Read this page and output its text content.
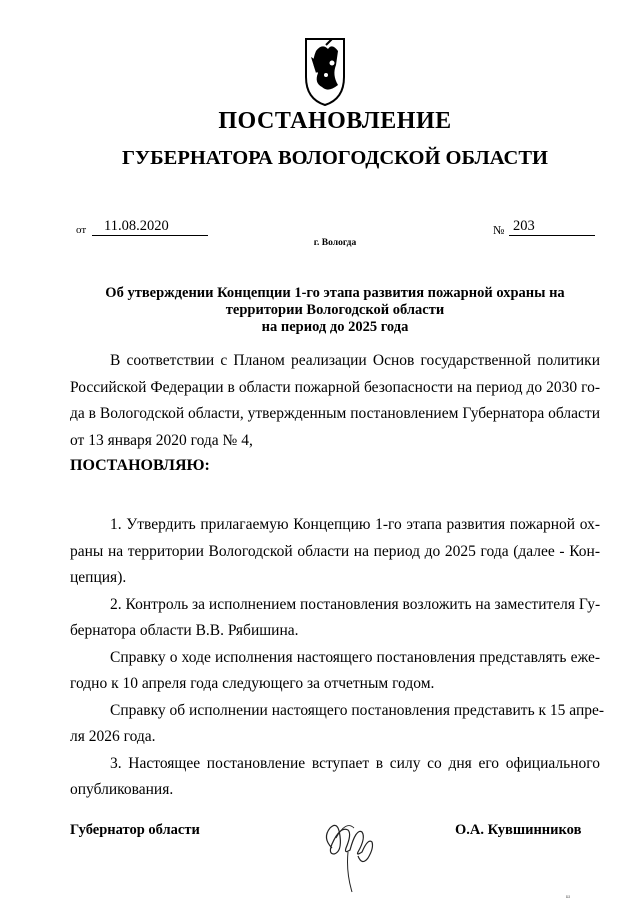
ПОСТАНОВЛЕНИЕ
ГУБЕРНАТОРА ВОЛОГОДСКОЙ ОБЛАСТИ
от	11.08.2020	№ 203
г. Вологда
Об утверждении Концепции 1-го этапа развития пожарной охраны на
территории Вологодской области
на период до 2025 года
В соответствии с Планом реализации Основ государственной политики
Российской Федерации в области пожарной безопасности на период до 2030 го-
да в Вологодской области, утвержденным постановлением Губернатора области
от 13 января 2020 года № 4,
ПОСТАНОВЛЯЮ:
1. Утвердить прилагаемую Концепцию 1-го этапа развития пожарной ох-
раны на территории Вологодской области на период до 2025 года (далее - Кон-
цепция).
2. Контроль за исполнением постановления возложить на заместителя Гу-
бернатора области В.В. Рябишина.
Справку о ходе исполнения настоящего постановления представлять еже-
годно к 10 апреля года следующего за отчетным годом.
Справку об исполнении настоящего постановления представить к 15 апре-
ля 2026 года.
3. Настоящее постановление вступает в силу со дня его официального
опубликования.
Губернатор области	О.А. Кувшинников
ш
